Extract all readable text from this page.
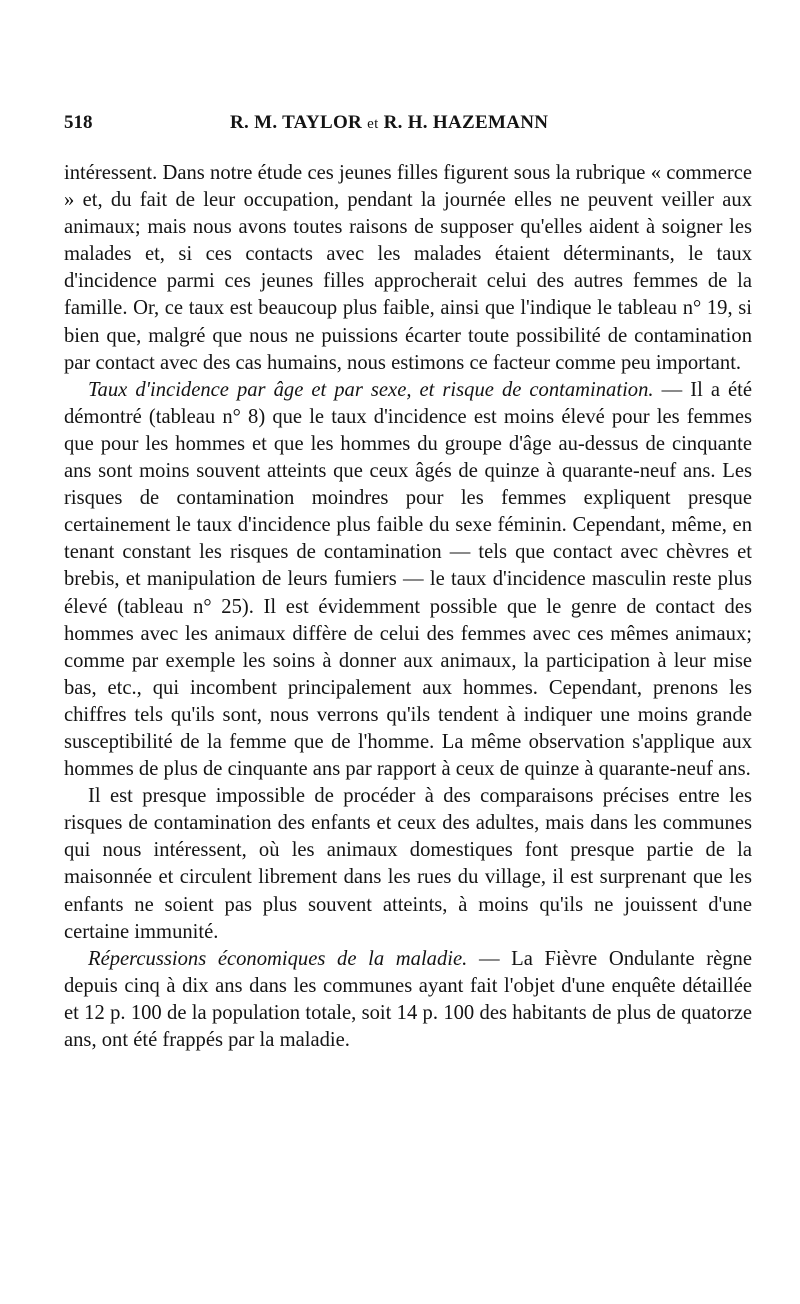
518	R. M. TAYLOR et R. H. HAZEMANN

intéressent. Dans notre étude ces jeunes filles figurent sous la rubrique « commerce » et, du fait de leur occupation, pendant la journée elles ne peuvent veiller aux animaux; mais nous avons toutes raisons de supposer qu'elles aident à soigner les malades et, si ces contacts avec les malades étaient déterminants, le taux d'incidence parmi ces jeunes filles approcherait celui des autres femmes de la famille. Or, ce taux est beaucoup plus faible, ainsi que l'indique le tableau n° 19, si bien que, malgré que nous ne puissions écarter toute possibilité de contamination par contact avec des cas humains, nous estimons ce facteur comme peu important.

Taux d'incidence par âge et par sexe, et risque de contamination. — Il a été démontré (tableau n° 8) que le taux d'incidence est moins élevé pour les femmes que pour les hommes et que les hommes du groupe d'âge au-dessus de cinquante ans sont moins souvent atteints que ceux âgés de quinze à quarante-neuf ans. Les risques de contamination moindres pour les femmes expliquent presque certainement le taux d'incidence plus faible du sexe féminin. Cependant, même, en tenant constant les risques de contamination — tels que contact avec chèvres et brebis, et manipulation de leurs fumiers — le taux d'incidence masculin reste plus élevé (tableau n° 25). Il est évidemment possible que le genre de contact des hommes avec les animaux diffère de celui des femmes avec ces mêmes animaux; comme par exemple les soins à donner aux animaux, la participation à leur mise bas, etc., qui incombent principalement aux hommes. Cependant, prenons les chiffres tels qu'ils sont, nous verrons qu'ils tendent à indiquer une moins grande susceptibilité de la femme que de l'homme. La même observation s'applique aux hommes de plus de cinquante ans par rapport à ceux de quinze à quarante-neuf ans.

Il est presque impossible de procéder à des comparaisons précises entre les risques de contamination des enfants et ceux des adultes, mais dans les communes qui nous intéressent, où les animaux domestiques font presque partie de la maisonnée et circulent librement dans les rues du village, il est surprenant que les enfants ne soient pas plus souvent atteints, à moins qu'ils ne jouissent d'une certaine immunité.

Répercussions économiques de la maladie. — La Fièvre Ondulante règne depuis cinq à dix ans dans les communes ayant fait l'objet d'une enquête détaillée et 12 p. 100 de la population totale, soit 14 p. 100 des habitants de plus de quatorze ans, ont été frappés par la maladie.
